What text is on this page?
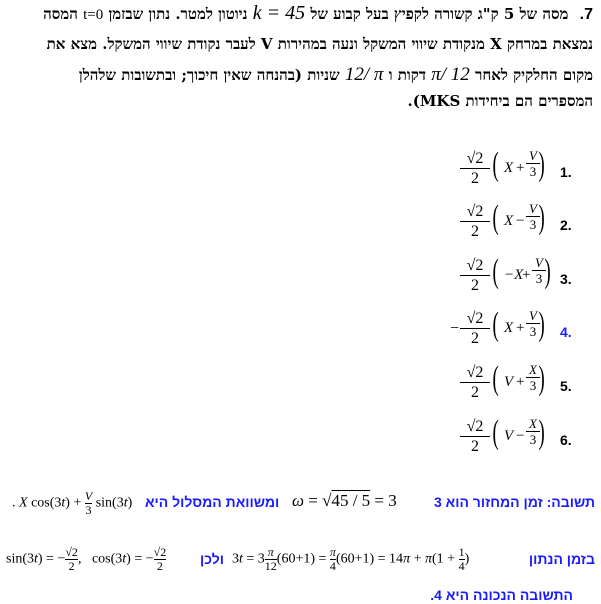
7. מסה של 5 ק"ג קשורה לקפיץ בעל קבוע של k = 45 ניוטון למטר. נתון שבזמן t=0 המסה
נמצאת במרחק X מנקודת שיווי המשקל ונעה במהירות V לעבר נקודת שיווי המשקל. מצא את
מקום החלקיק לאחר π/ 12 דקות ו 12/ π שניות (בהנחה שאין חיכוך; ובתשובות שלהלן
המספרים הם ביחידות MKS).
$\frac{√2}{2}$ ( X +
V
3 ) 1.
$\frac{√2}{2}$ ( X −
V
3 ) 2.
$\frac{√2}{2}$ ( −X
+
V
3 ) 3.
− $\frac{√2}{2}$ ( X +
V
3 ) 4.
$\frac{√2}{2}$ ( V +
X
3 ) 5.
$\frac{√2}{2}$ ( V −
X
3 ) 6.
תשובה: זמן המחזור הוא 3
ω = √45 / 5 = 3
ומשוואת המסלול היא
. X $\cos(3t) + \frac{V}{3} \sin(3t)$
בזמן הנתון
$3t = 3 \frac{\pi}{12} (60+1) = \frac{\pi}{4} (60+1) = 14\pi + \pi(1 + \frac{1}{4}$ )
ולכן
sin(3t) = − $\frac{√2}{2}$ ,   cos(3t) = − $\frac{√2}{2}$
התשובה הנכונה היא 4.
